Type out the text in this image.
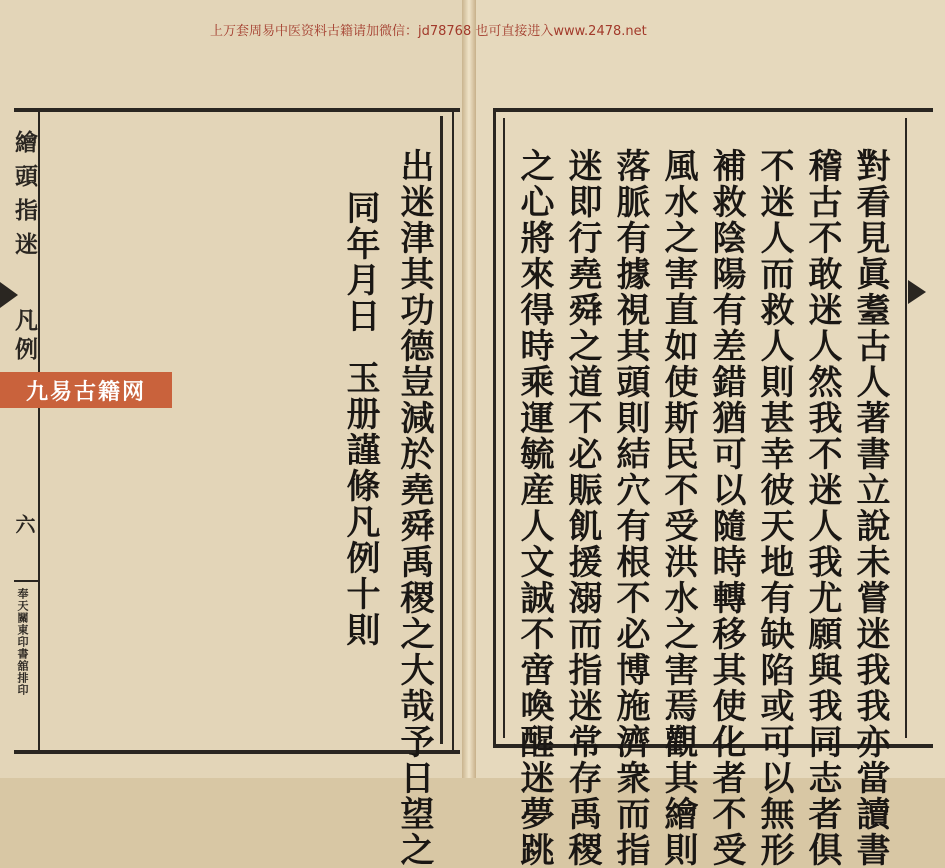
繪頭指迷
凡例
六
奉天關東印書舘排印	對看見眞耋古人著書立說未嘗迷我我亦當讀書
稽古不敢迷人然我不迷人我尤願與我同志者俱
不迷人而救人則甚幸彼天地有缺陷或可以無形
補救陰陽有差錯猶可以隨時轉移其使化者不受
風水之害直如使斯民不受洪水之害焉觀其繪則
落脈有據視其頭則結穴有根不必博施濟衆而指
迷即行堯舜之道不必賑飢援溺而指迷常存禹稷
之心將來得時乘運毓産人文誠不啻喚醒迷夢跳
出迷津其功德豈減於堯舜禹稷之大哉予日望之
同年月日
玉册謹條凡例十則
上万套周易中医资料古籍请加微信：jd78768 也可直接进入www.2478.net
九易古籍网
